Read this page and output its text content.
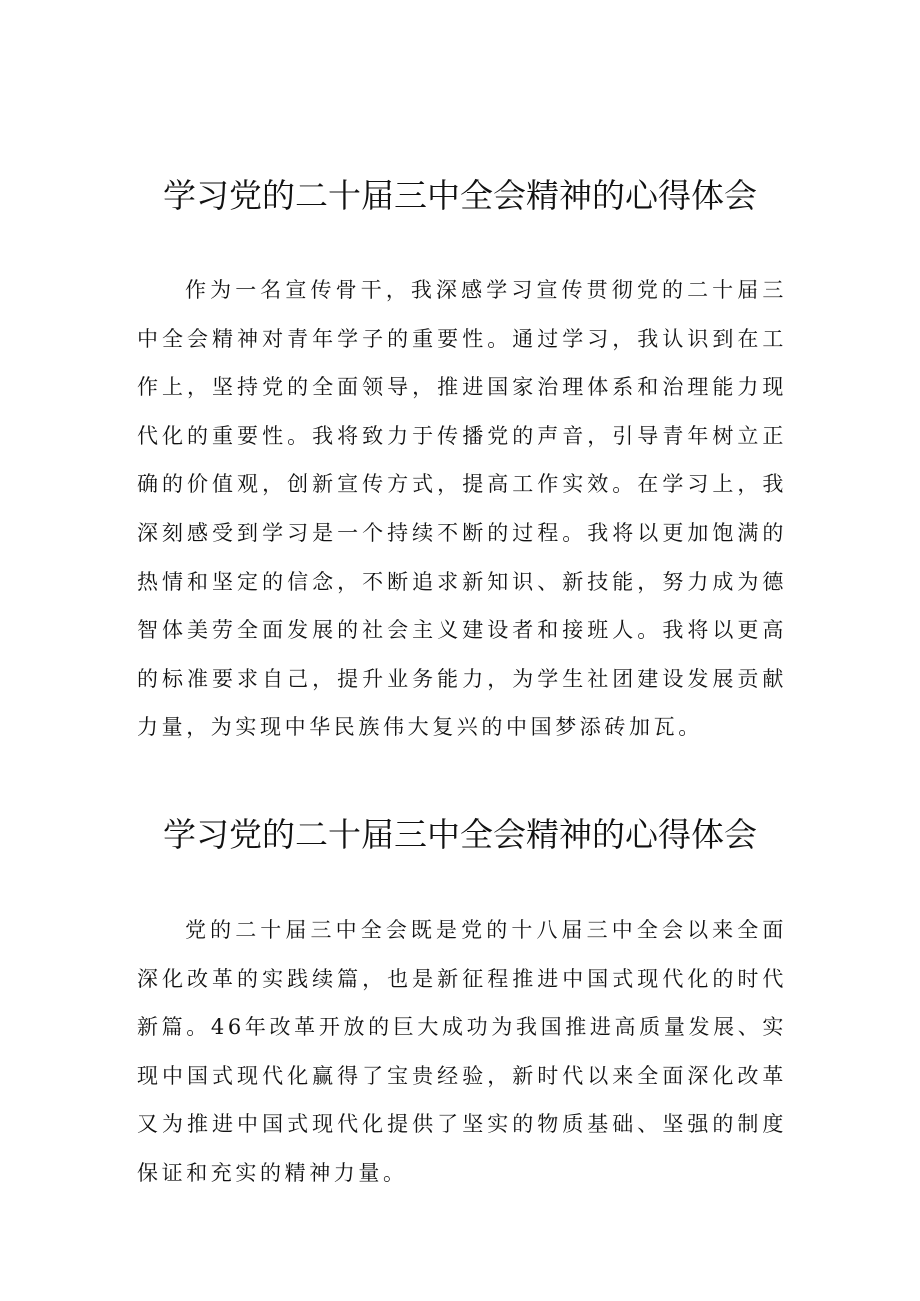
学习党的二十届三中全会精神的心得体会

作为一名宣传骨干，我深感学习宣传贯彻党的二十届三中全会精神对青年学子的重要性。通过学习，我认识到在工作上，坚持党的全面领导，推进国家治理体系和治理能力现代化的重要性。我将致力于传播党的声音，引导青年树立正确的价值观，创新宣传方式，提高工作实效。在学习上，我深刻感受到学习是一个持续不断的过程。我将以更加饱满的热情和坚定的信念，不断追求新知识、新技能，努力成为德智体美劳全面发展的社会主义建设者和接班人。我将以更高的标准要求自己，提升业务能力，为学生社团建设发展贡献力量，为实现中华民族伟大复兴的中国梦添砖加瓦。

学习党的二十届三中全会精神的心得体会

党的二十届三中全会既是党的十八届三中全会以来全面深化改革的实践续篇，也是新征程推进中国式现代化的时代新篇。46年改革开放的巨大成功为我国推进高质量发展、实现中国式现代化赢得了宝贵经验，新时代以来全面深化改革又为推进中国式现代化提供了坚实的物质基础、坚强的制度保证和充实的精神力量。
